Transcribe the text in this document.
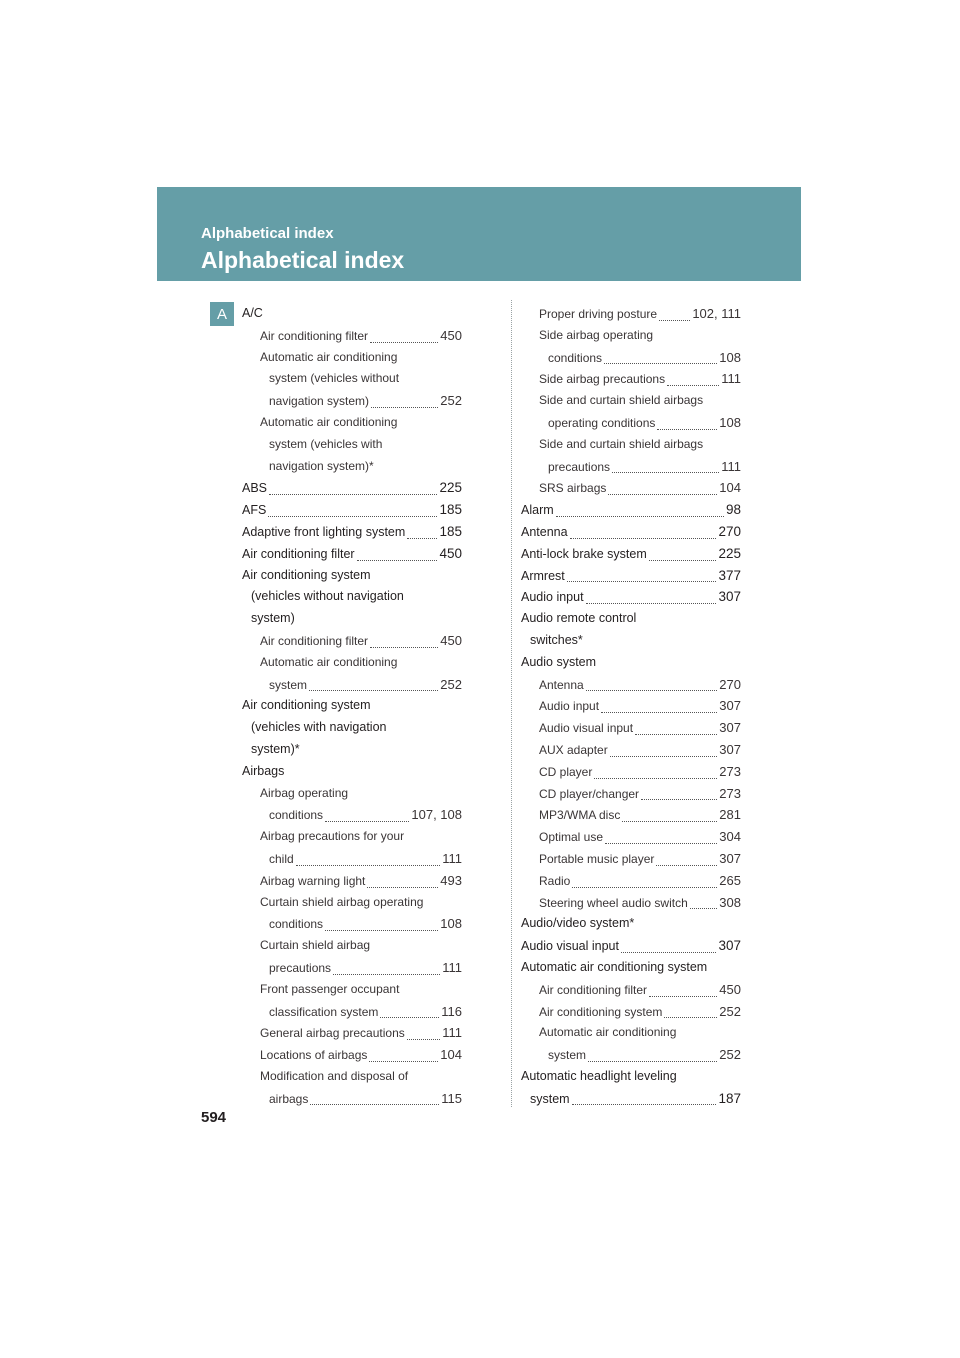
Alphabetical index
Alphabetical index
A	A/C
Air conditioning filter	450
Automatic air conditioning
system (vehicles without
navigation system)	252
Automatic air conditioning
system (vehicles with
navigation system)*
ABS	225
AFS	185
Adaptive front lighting system	185
Air conditioning filter	450
Air conditioning system
(vehicles without navigation
system)
Air conditioning filter	450
Automatic air conditioning
system	252
Air conditioning system
(vehicles with navigation
system)*
Airbags
Airbag operating
conditions	107, 108
Airbag precautions for your
child	111
Airbag warning light	493
Curtain shield airbag operating
conditions	108
Curtain shield airbag
precautions	111
Front passenger occupant
classification system	116
General airbag precautions	111
Locations of airbags	104
Modification and disposal of
airbags	115
Proper driving posture	102, 111
Side airbag operating
conditions	108
Side airbag precautions	111
Side and curtain shield airbags
operating conditions	108
Side and curtain shield airbags
precautions	111
SRS airbags	104
Alarm	98
Antenna	270
Anti-lock brake system	225
Armrest	377
Audio input	307
Audio remote control
switches*
Audio system
Antenna	270
Audio input	307
Audio visual input	307
AUX adapter	307
CD player	273
CD player/changer	273
MP3/WMA disc	281
Optimal use	304
Portable music player	307
Radio	265
Steering wheel audio switch 308
Audio/video system*
Audio visual input	307
Automatic air conditioning system
Air conditioning filter	450
Air conditioning system	252
Automatic air conditioning
system	252
Automatic headlight leveling
system	187
594
